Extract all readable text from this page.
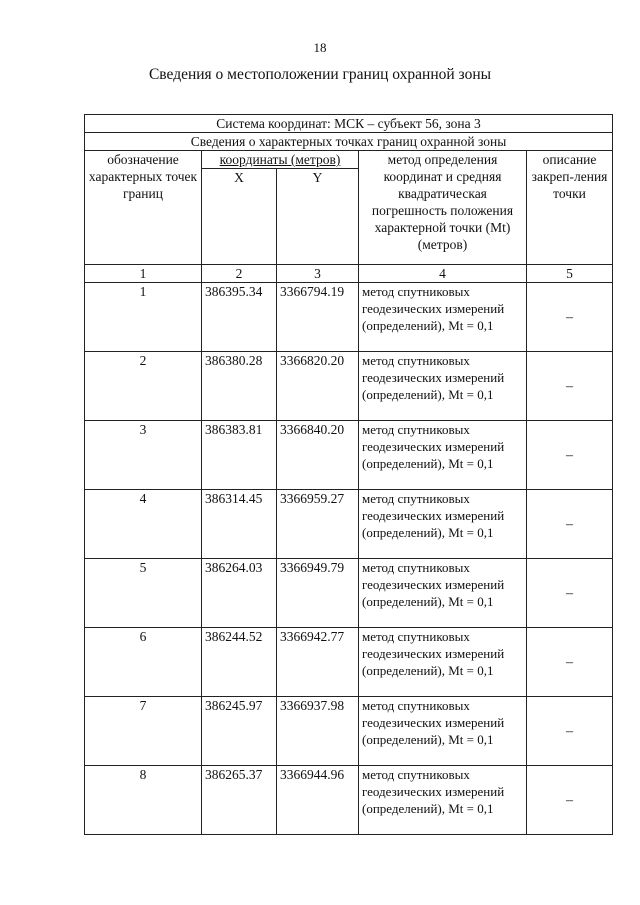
18
Сведения о местоположении границ охранной зоны
Система координат: МСК – субъект 56, зона 3				
Сведения о характерных точках границ охранной зоны				
обозначение характерных точек границ	координаты (метров)		метод определения координат и средняя квадратическая погрешность положения характерной точки (Mt) (метров)	описание закреп-ления точки
	X	Y		
1	2	3	4	5
1	386395.34	3366794.19	метод спутниковых геодезических измерений (определений), Mt = 0,1	–
2	386380.28	3366820.20	метод спутниковых геодезических измерений (определений), Mt = 0,1	–
3	386383.81	3366840.20	метод спутниковых геодезических измерений (определений), Mt = 0,1	–
4	386314.45	3366959.27	метод спутниковых геодезических измерений (определений), Mt = 0,1	–
5	386264.03	3366949.79	метод спутниковых геодезических измерений (определений), Mt = 0,1	–
6	386244.52	3366942.77	метод спутниковых геодезических измерений (определений), Mt = 0,1	–
7	386245.97	3366937.98	метод спутниковых геодезических измерений (определений), Mt = 0,1	–
8	386265.37	3366944.96	метод спутниковых геодезических измерений (определений), Mt = 0,1	–
